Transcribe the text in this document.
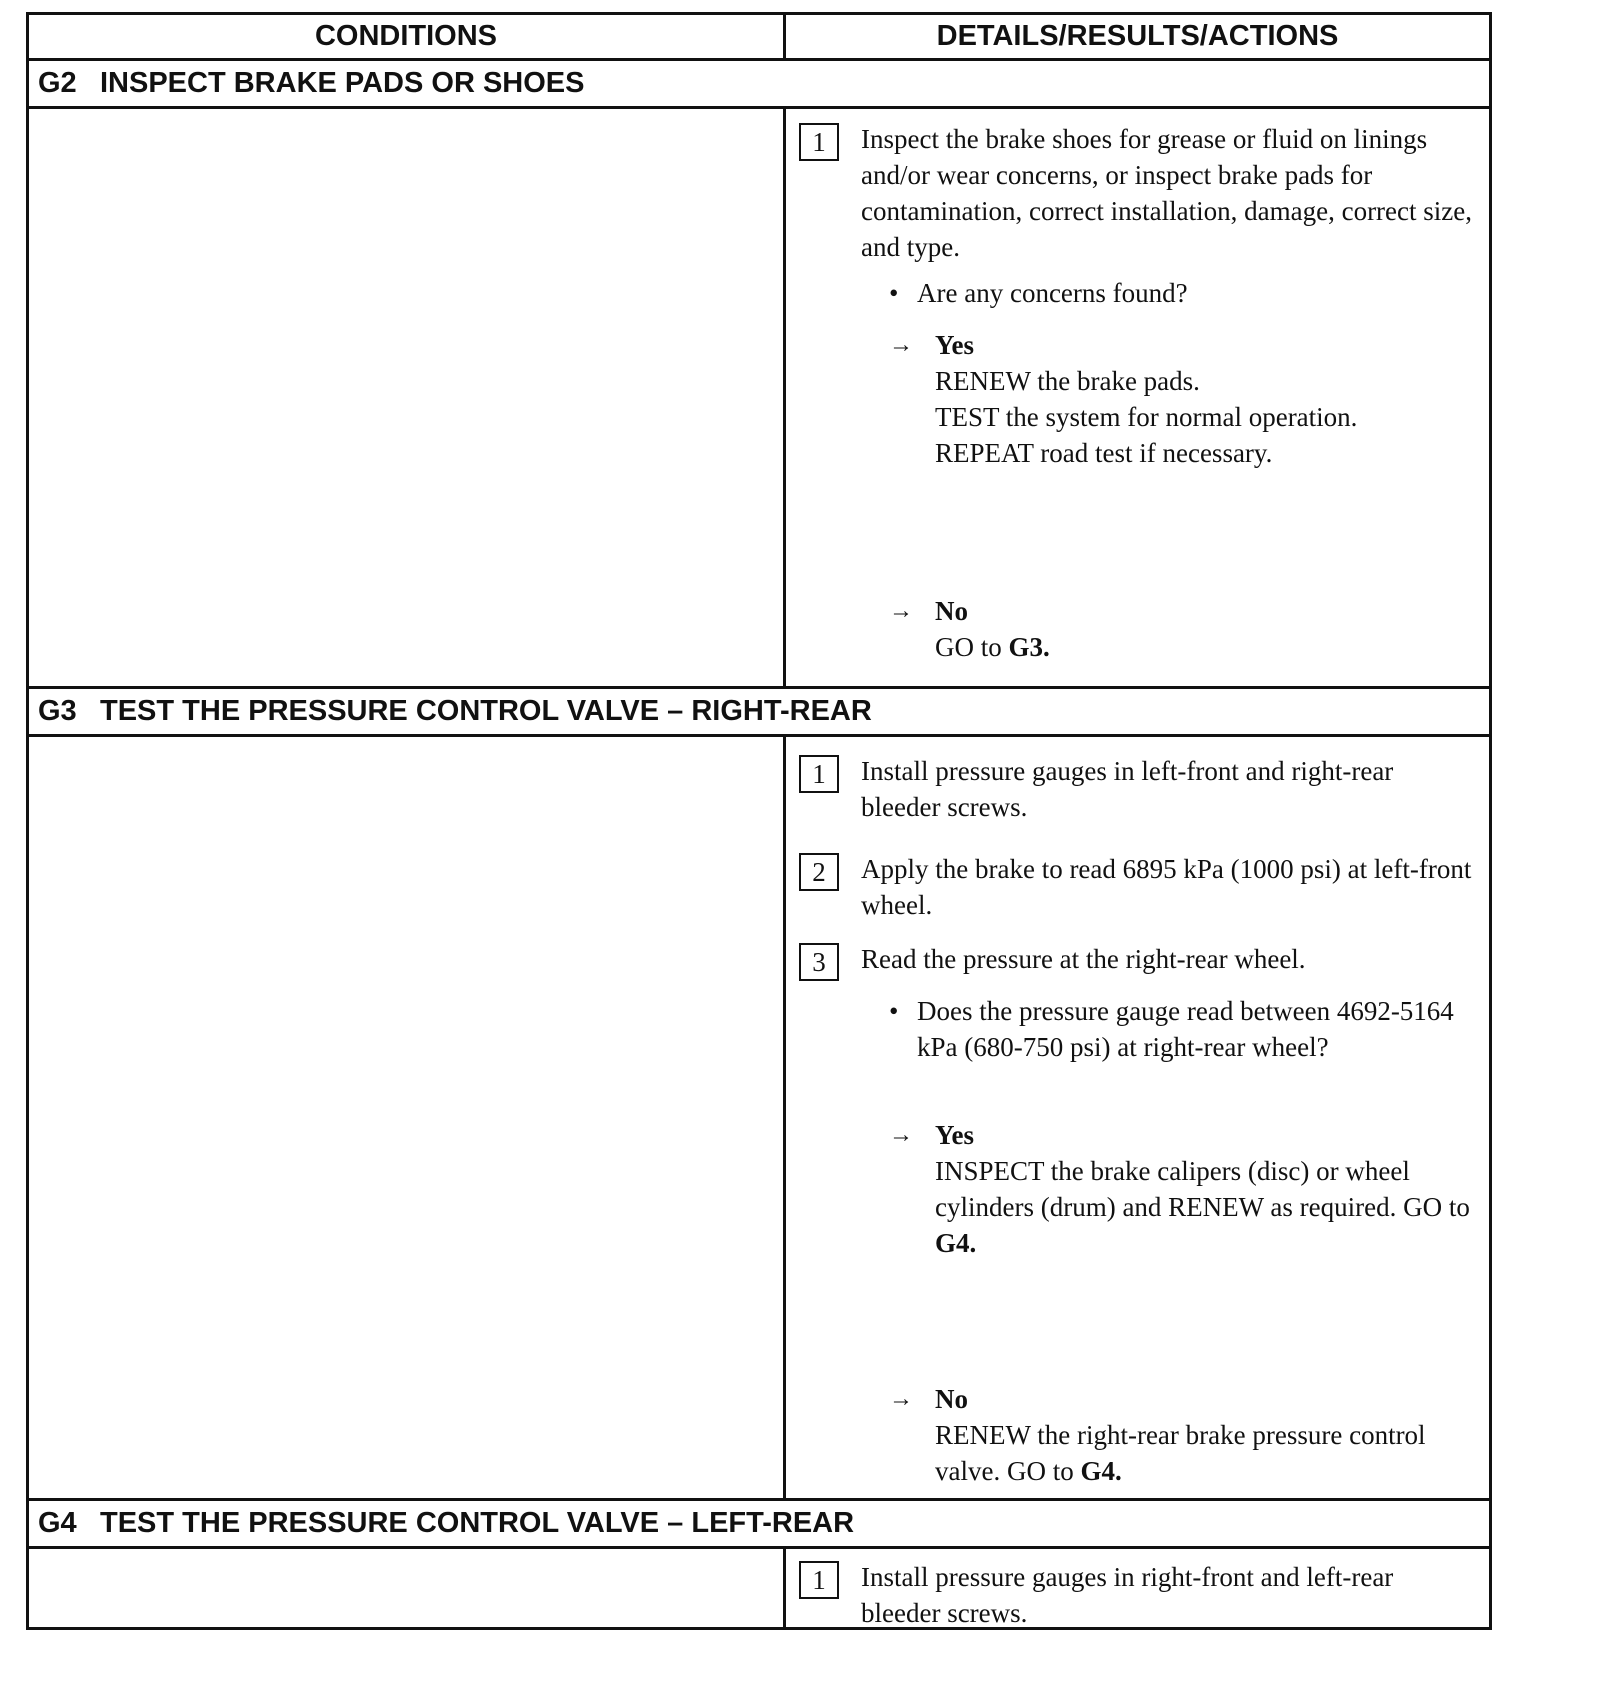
CONDITIONS	DETAILS/RESULTS/ACTIONS
G2 INSPECT BRAKE PADS OR SHOES
1	Inspect the brake shoes for grease or fluid on linings and/or wear concerns, or inspect brake pads for contamination, correct installation, damage, correct size, and type.
• Are any concerns found?
→ Yes
RENEW the brake pads.
TEST the system for normal operation.
REPEAT road test if necessary.
→ No
GO to G3.
G3 TEST THE PRESSURE CONTROL VALVE – RIGHT-REAR
1	Install pressure gauges in left-front and right-rear bleeder screws.
2	Apply the brake to read 6895 kPa (1000 psi) at left-front wheel.
3	Read the pressure at the right-rear wheel.
• Does the pressure gauge read between 4692-5164 kPa (680-750 psi) at right-rear wheel?
→ Yes
INSPECT the brake calipers (disc) or wheel cylinders (drum) and RENEW as required. GO to G4.
→ No
RENEW the right-rear brake pressure control valve. GO to G4.
G4 TEST THE PRESSURE CONTROL VALVE – LEFT-REAR
1	Install pressure gauges in right-front and left-rear bleeder screws.
